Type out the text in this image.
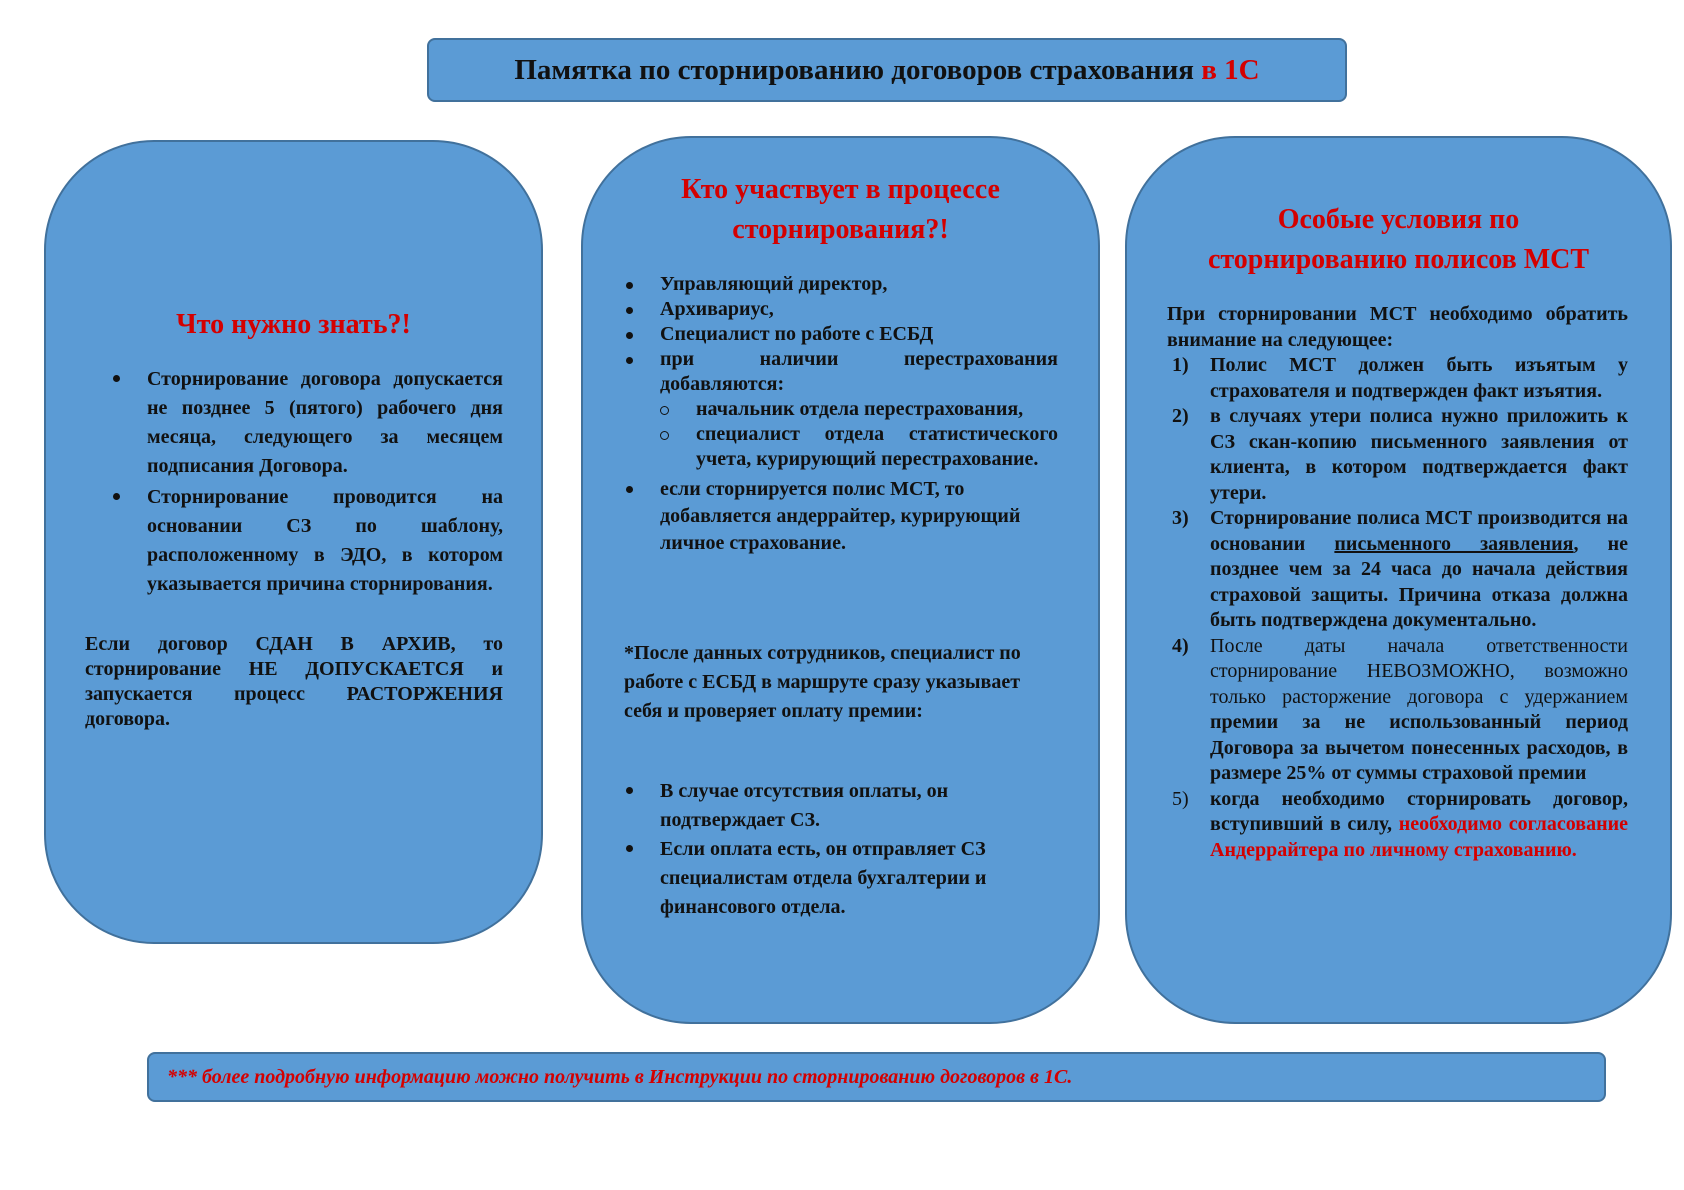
Памятка по сторнированию договоров страхования
в 1С
Что нужно знать?!
Сторнирование договора допускается не позднее 5 (пятого) рабочего дня месяца, следующего за месяцем подписания Договора.
Сторнирование проводится на основании СЗ по шаблону, расположенному в ЭДО, в котором указывается причина сторнирования.
Если договор СДАН В АРХИВ, то сторнирование НЕ ДОПУСКАЕТСЯ и запускается процесс РАСТОРЖЕНИЯ договора.
Кто участвует в процессе
сторнирования?!
Управляющий директор,
Архивариус,
Специалист по работе с ЕСБД
при наличии перестрахования добавляются:
начальник отдела перестрахования,
специалист отдела статистического учета, курирующий перестрахование.
если сторнируется полис МСТ, то добавляется андеррайтер, курирующий личное страхование.
*После данных сотрудников, специалист по работе с ЕСБД в маршруте сразу указывает себя и проверяет оплату премии:
В случае отсутствия оплаты, он подтверждает СЗ.
Если оплата есть, он отправляет СЗ специалистам отдела бухгалтерии и финансового отдела.
Особые условия по
сторнированию полисов МСТ
При сторнировании МСТ необходимо обратить внимание на следующее:
1) Полис МСТ должен быть изъятым у страхователя и подтвержден факт изъятия.
2) в случаях утери полиса нужно приложить к СЗ скан-копию письменного заявления от клиента, в котором подтверждается факт утери.
3) Сторнирование полиса МСТ производится на основании письменного заявления, не позднее чем за 24 часа до начала действия страховой защиты. Причина отказа должна быть подтверждена документально.
4) После даты начала ответственности сторнирование НЕВОЗМОЖНО, возможно только расторжение договора с удержанием премии за не использованный период Договора за вычетом понесенных расходов, в размере 25% от суммы страховой премии
5) когда необходимо сторнировать договор, вступивший в силу, необходимо согласование Андеррайтера по личному страхованию.
*** более подробную информацию можно получить в Инструкции по сторнированию договоров в 1С.
